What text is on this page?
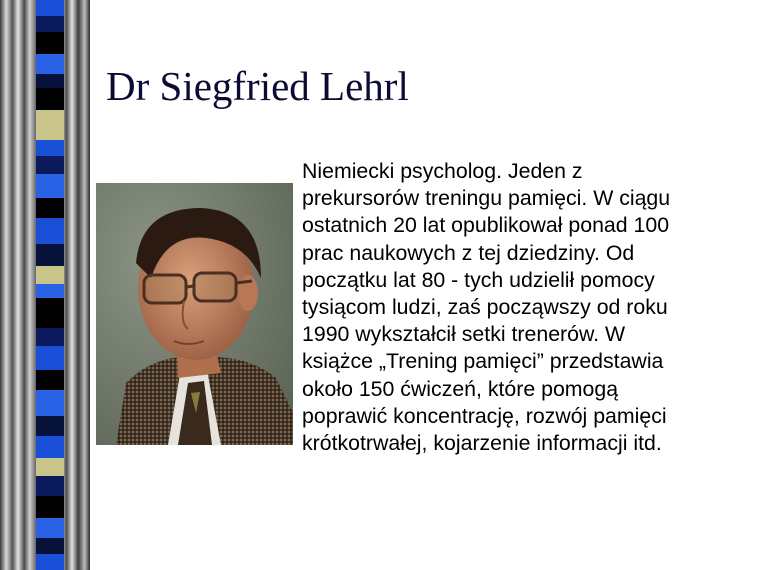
Dr Siegfried Lehrl

Niemiecki psycholog. Jeden z
prekursorów treningu pamięci. W ciągu
ostatnich 20 lat opublikował ponad 100
prac naukowych z tej dziedziny. Od
początku lat 80 - tych udzielił pomocy
tysiącom ludzi, zaś począwszy od roku
1990 wykształcił setki trenerów. W
książce „Trening pamięci” przedstawia
około 150 ćwiczeń, które pomogą
poprawić koncentrację, rozwój pamięci
krótkotrwałej, kojarzenie informacji itd.
